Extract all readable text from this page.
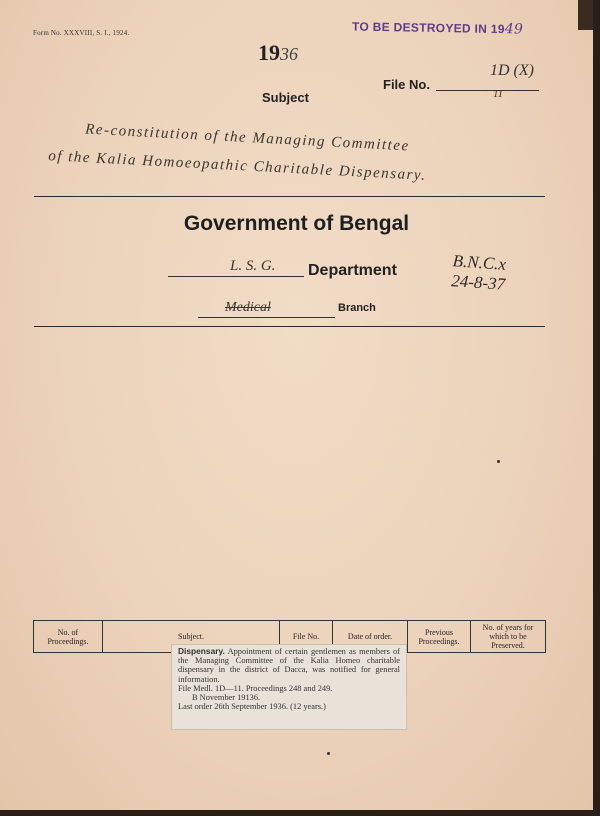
Form No. XXXVIII, S. I., 1924.	TO BE DESTROYED IN 1949
1936
Subject
File No.
1D (X)
11
Re-constitution of the Managing Committee
of the Kalia Homoeopathic Charitable Dispensary.
Government of Bengal
L. S. G. Department
Medical	Branch
B.N.C.x
24-8-37
No. of Proceedings.	Subject.	File No.	Date of order.	Previous Proceedings.	No. of years for which to be Preserved.
Dispensary. Appointment of certain gentlemen as members of the Managing Committee of the Kalia Homeo charitable dispensary in the district of Dacca, was notified for general information.
File Medl. 1D—11. Proceedings 248 and 249.
B November 19136.
Last order 26th September 1936. (12 years.)
